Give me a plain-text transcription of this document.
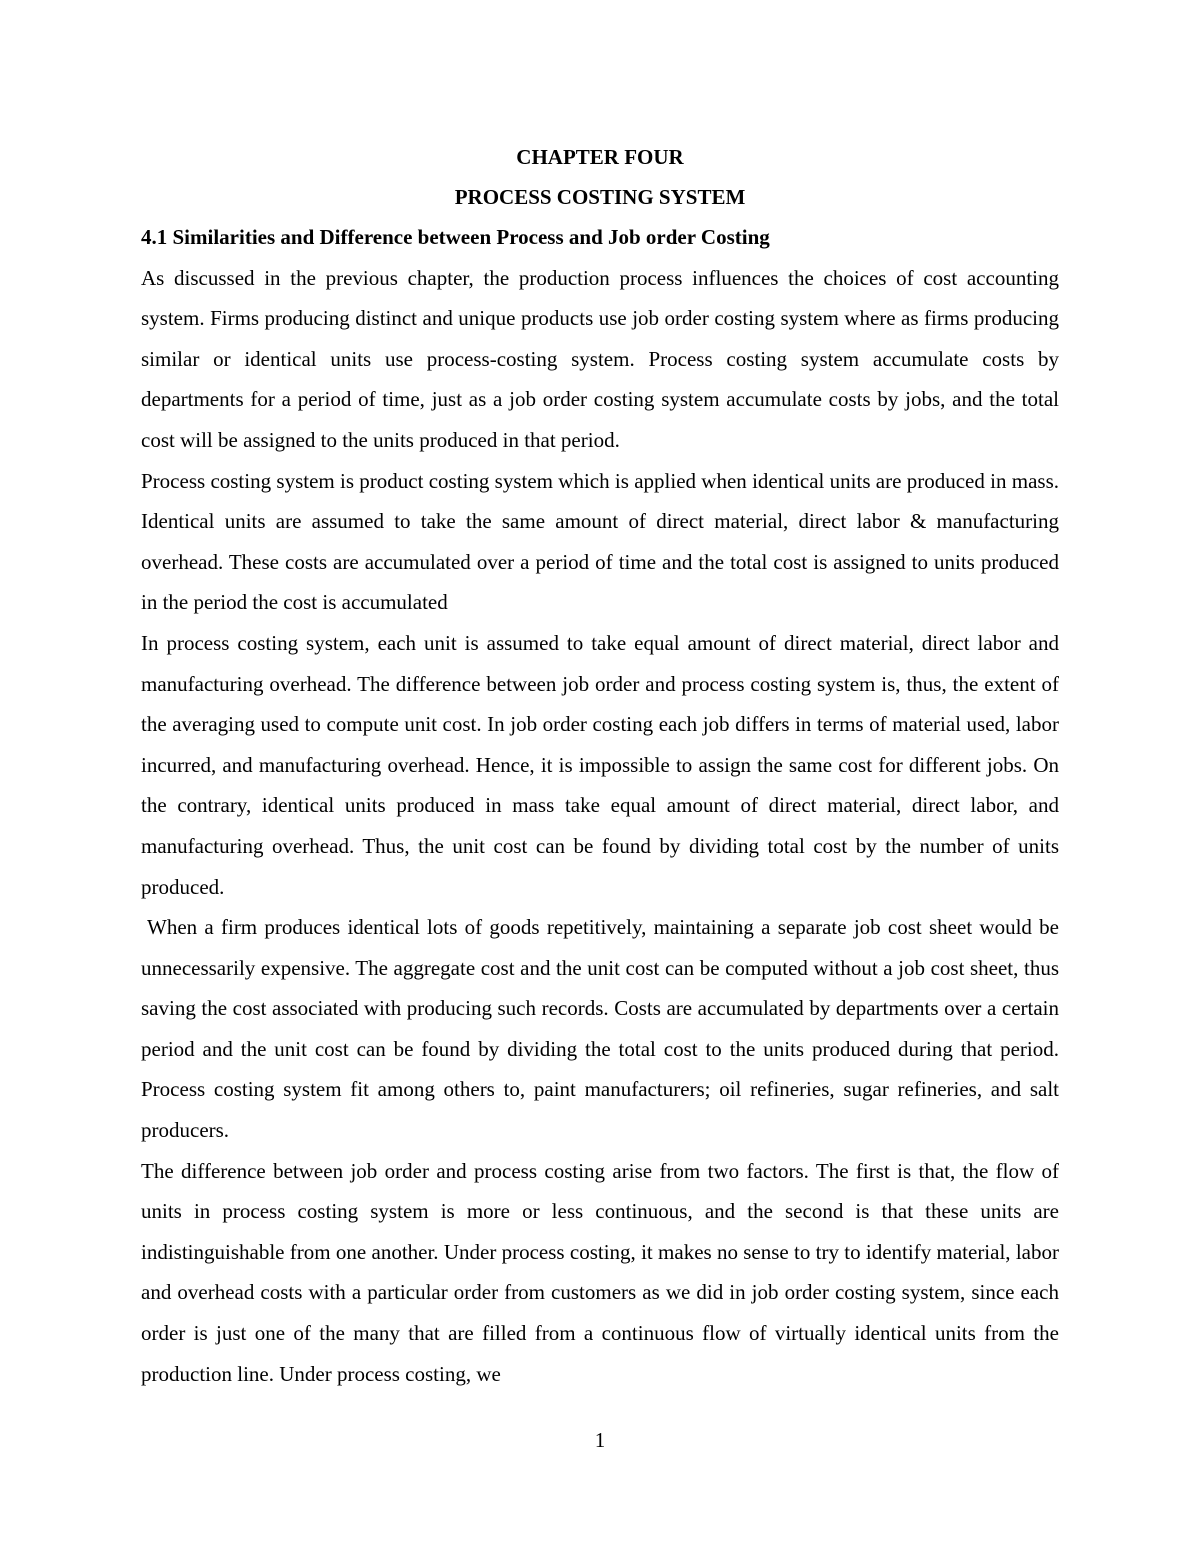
CHAPTER FOUR

PROCESS COSTING SYSTEM

4.1 Similarities and Difference between Process and Job order Costing

As discussed in the previous chapter, the production process influences the choices of cost accounting system. Firms producing distinct and unique products use job order costing system where as firms producing similar or identical units use process-costing system. Process costing system accumulate costs by departments for a period of time, just as a job order costing system accumulate costs by jobs, and the total cost will be assigned to the units produced in that period.

Process costing system is product costing system which is applied when identical units are produced in mass. Identical units are assumed to take the same amount of direct material, direct labor & manufacturing overhead. These costs are accumulated over a period of time and the total cost is assigned to units produced in the period the cost is accumulated

In process costing system, each unit is assumed to take equal amount of direct material, direct labor and manufacturing overhead. The difference between job order and process costing system is, thus, the extent of the averaging used to compute unit cost. In job order costing each job differs in terms of material used, labor incurred, and manufacturing overhead. Hence, it is impossible to assign the same cost for different jobs. On the contrary, identical units produced in mass take equal amount of direct material, direct labor, and manufacturing overhead. Thus, the unit cost can be found by dividing total cost by the number of units produced.

When a firm produces identical lots of goods repetitively, maintaining a separate job cost sheet would be unnecessarily expensive. The aggregate cost and the unit cost can be computed without a job cost sheet, thus saving the cost associated with producing such records. Costs are accumulated by departments over a certain period and the unit cost can be found by dividing the total cost to the units produced during that period. Process costing system fit among others to, paint manufacturers; oil refineries, sugar refineries, and salt producers.

The difference between job order and process costing arise from two factors. The first is that, the flow of units in process costing system is more or less continuous, and the second is that these units are indistinguishable from one another. Under process costing, it makes no sense to try to identify material, labor and overhead costs with a particular order from customers as we did in job order costing system, since each order is just one of the many that are filled from a continuous flow of virtually identical units from the production line. Under process costing, we

1
